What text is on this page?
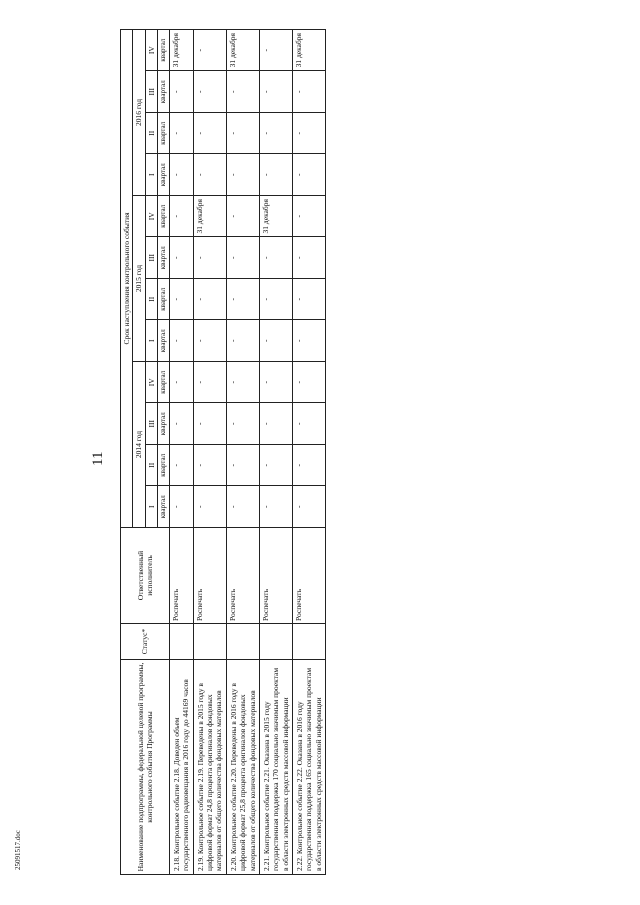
25091517.doc
11
Наименование подпрограммы, федеральной целевой программы, контрольного события Программы	Статус*	Ответственный исполнитель	Срок наступления контрольного события											
			2014 год				2015 год				2016 год			
			I	II	III	IV	I	II	III	IV	I	II	III	IV
			квартал	квартал	квартал	квартал	квартал	квартал	квартал	квартал	квартал	квартал	квартал	квартал
2.18. Контрольное событие 2.18. Доведен объем государственного радиовещания в 2016 году до 44169 часов		Роспечать	-	-	-	-	-	-	-	-	-	-	-	31 декабря
2.19. Контрольное событие 2.19. Переведены в 2015 году в цифровой формат 24,8 процента оригиналов фондовых материалов от общего количества фондовых материалов		Роспечать	-	-	-	-	-	-	-	31 декабря	-	-	-	-
2.20. Контрольное событие 2.20. Переведены в 2016 году в цифровой формат 25,8 процента оригиналов фондовых материалов от общего количества фондовых материалов		Роспечать	-	-	-	-	-	-	-	-	-	-	-	31 декабря
2.21. Контрольное событие 2.21. Оказана в 2015 году государственная поддержка 170 социально значимым проектам в области электронных средств массовой информации		Роспечать	-	-	-	-	-	-	-	31 декабря	-	-	-	-
2.22. Контрольное событие 2.22. Оказана в 2016 году государственная поддержка 165 социально значимым проектам в области электронных средств массовой информации		Роспечать	-	-	-	-	-	-	-	-	-	-	-	31 декабря
